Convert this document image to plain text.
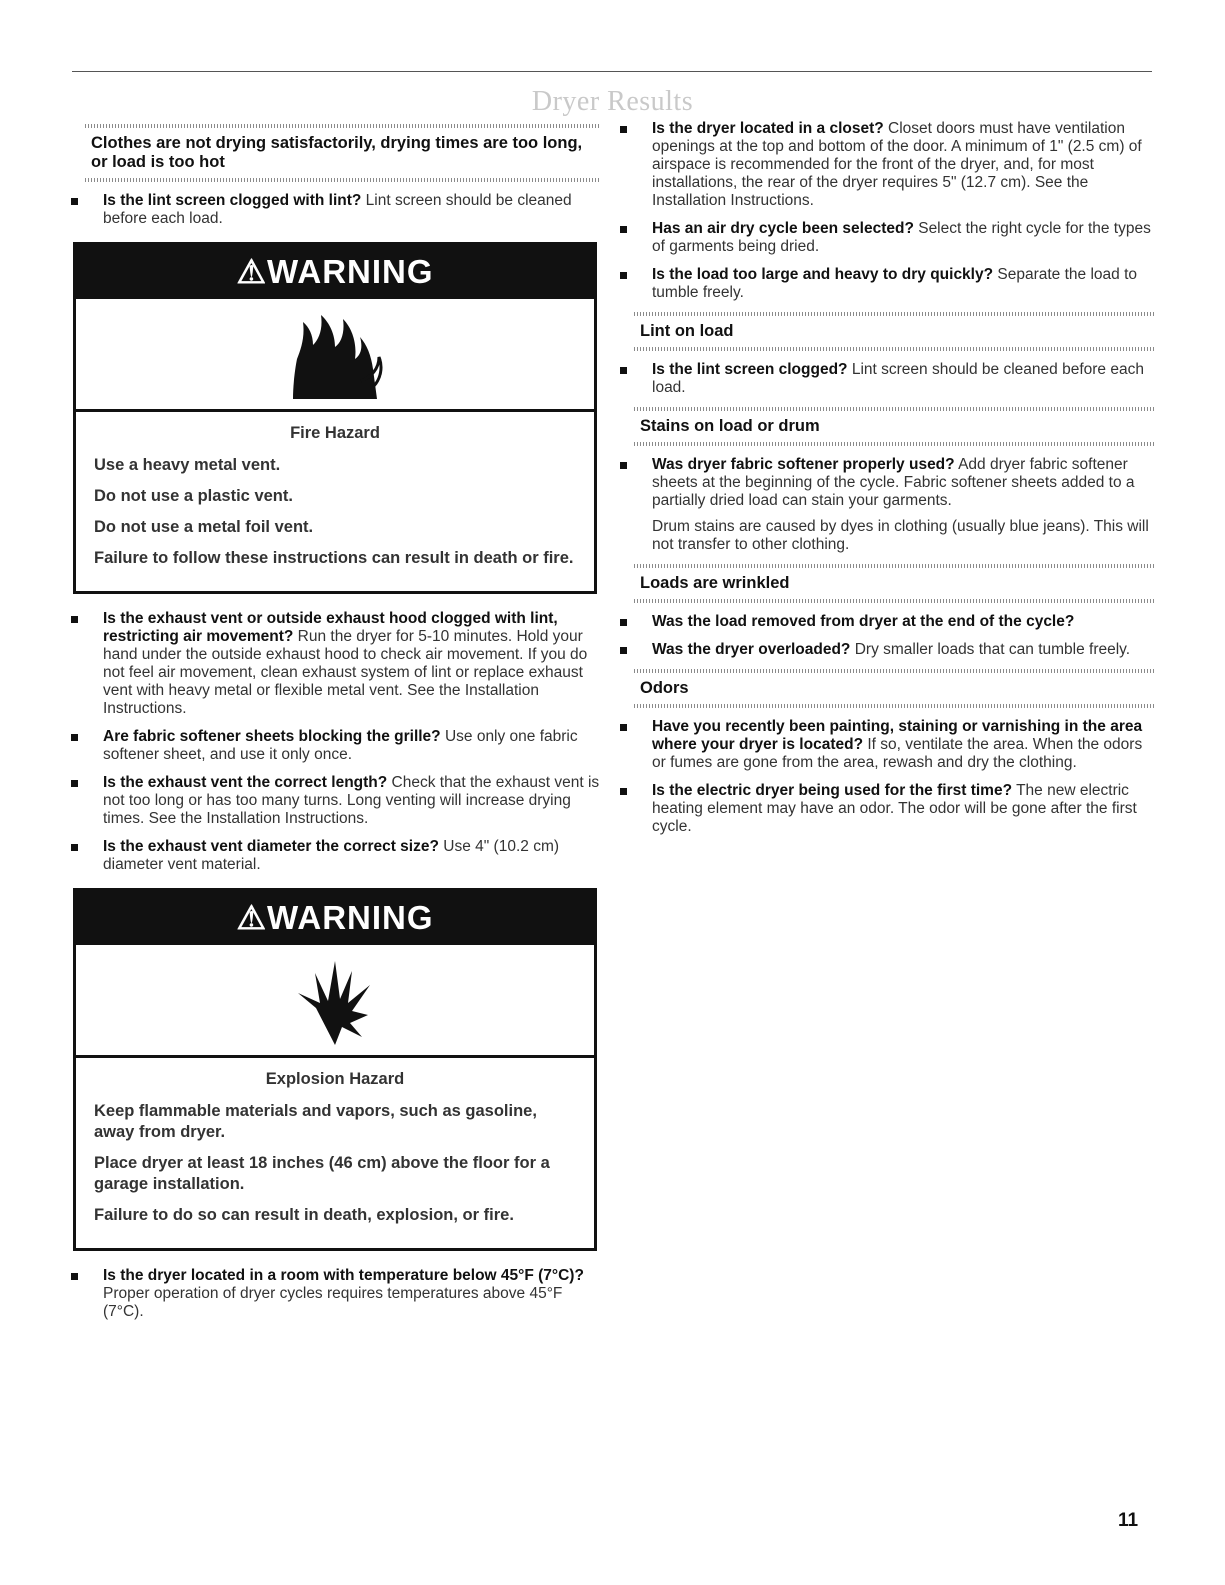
Dryer Results
Clothes are not drying satisfactorily, drying times are too long, or load is too hot
Is the lint screen clogged with lint? Lint screen should be cleaned before each load.
⚠WARNING
Fire Hazard
Use a heavy metal vent.
Do not use a plastic vent.
Do not use a metal foil vent.
Failure to follow these instructions can result in death or fire.
Is the exhaust vent or outside exhaust hood clogged with lint, restricting air movement? Run the dryer for 5-10 minutes. Hold your hand under the outside exhaust hood to check air movement. If you do not feel air movement, clean exhaust system of lint or replace exhaust vent with heavy metal or flexible metal vent. See the Installation Instructions.
Are fabric softener sheets blocking the grille? Use only one fabric softener sheet, and use it only once.
Is the exhaust vent the correct length? Check that the exhaust vent is not too long or has too many turns. Long venting will increase drying times. See the Installation Instructions.
Is the exhaust vent diameter the correct size? Use 4" (10.2 cm) diameter vent material.
⚠WARNING
Explosion Hazard
Keep flammable materials and vapors, such as gasoline, away from dryer.
Place dryer at least 18 inches (46 cm) above the floor for a garage installation.
Failure to do so can result in death, explosion, or fire.
Is the dryer located in a room with temperature below 45°F (7°C)? Proper operation of dryer cycles requires temperatures above 45°F (7°C).
Is the dryer located in a closet? Closet doors must have ventilation openings at the top and bottom of the door. A minimum of 1" (2.5 cm) of airspace is recommended for the front of the dryer, and, for most installations, the rear of the dryer requires 5" (12.7 cm). See the Installation Instructions.
Has an air dry cycle been selected? Select the right cycle for the types of garments being dried.
Is the load too large and heavy to dry quickly? Separate the load to tumble freely.
Lint on load
Is the lint screen clogged? Lint screen should be cleaned before each load.
Stains on load or drum
Was dryer fabric softener properly used? Add dryer fabric softener sheets at the beginning of the cycle. Fabric softener sheets added to a partially dried load can stain your garments.
Drum stains are caused by dyes in clothing (usually blue jeans). This will not transfer to other clothing.
Loads are wrinkled
Was the load removed from dryer at the end of the cycle?
Was the dryer overloaded? Dry smaller loads that can tumble freely.
Odors
Have you recently been painting, staining or varnishing in the area where your dryer is located? If so, ventilate the area. When the odors or fumes are gone from the area, rewash and dry the clothing.
Is the electric dryer being used for the first time? The new electric heating element may have an odor. The odor will be gone after the first cycle.
11
